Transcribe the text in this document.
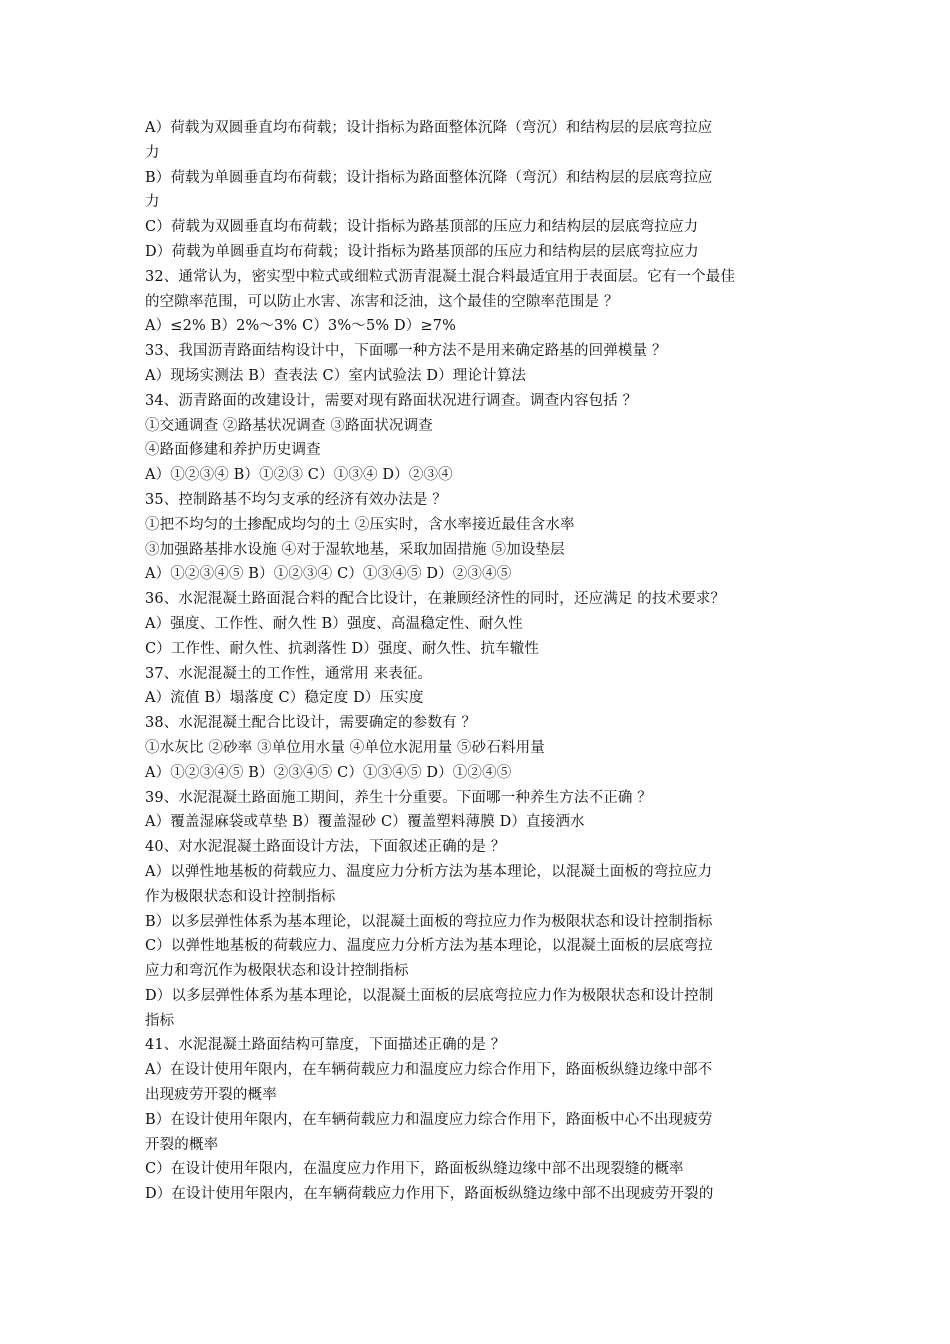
A）荷载为双圆垂直均布荷载；设计指标为路面整体沉降（弯沉）和结构层的层底弯拉应
力
B）荷载为单圆垂直均布荷载；设计指标为路面整体沉降（弯沉）和结构层的层底弯拉应
力
C）荷载为双圆垂直均布荷载；设计指标为路基顶部的压应力和结构层的层底弯拉应力
D）荷载为单圆垂直均布荷载；设计指标为路基顶部的压应力和结构层的层底弯拉应力
32、通常认为，密实型中粒式或细粒式沥青混凝土混合料最适宜用于表面层。它有一个最佳
的空隙率范围，可以防止水害、冻害和泛油，这个最佳的空隙率范围是 ？
A）≤2% B）2%～3% C）3%～5% D）≥7%
33、我国沥青路面结构设计中，下面哪一种方法不是用来确定路基的回弹模量 ？
A）现场实测法 B）查表法 C）室内试验法 D）理论计算法
34、沥青路面的改建设计，需要对现有路面状况进行调查。调查内容包括 ？
①交通调查 ②路基状况调查 ③路面状况调查
④路面修建和养护历史调查
A）①②③④ B）①②③ C）①③④ D）②③④
35、控制路基不均匀支承的经济有效办法是 ？
①把不均匀的土掺配成均匀的土 ②压实时，含水率接近最佳含水率
③加强路基排水设施 ④对于湿软地基，采取加固措施 ⑤加设垫层
A）①②③④⑤ B）①②③④ C）①③④⑤ D）②③④⑤
36、水泥混凝土路面混合料的配合比设计，在兼顾经济性的同时，还应满足 的技术要求？
A）强度、工作性、耐久性 B）强度、高温稳定性、耐久性
C）工作性、耐久性、抗剥落性 D）强度、耐久性、抗车辙性
37、水泥混凝土的工作性，通常用 来表征。
A）流值 B）塌落度 C）稳定度 D）压实度
38、水泥混凝土配合比设计，需要确定的参数有 ？
①水灰比 ②砂率 ③单位用水量 ④单位水泥用量 ⑤砂石料用量
A）①②③④⑤ B）②③④⑤ C）①③④⑤ D）①②④⑤
39、水泥混凝土路面施工期间，养生十分重要。下面哪一种养生方法不正确 ？
A）覆盖湿麻袋或草垫 B）覆盖湿砂 C）覆盖塑料薄膜 D）直接洒水
40、对水泥混凝土路面设计方法，下面叙述正确的是 ？
A）以弹性地基板的荷载应力、温度应力分析方法为基本理论，以混凝土面板的弯拉应力
作为极限状态和设计控制指标
B）以多层弹性体系为基本理论，以混凝土面板的弯拉应力作为极限状态和设计控制指标
C）以弹性地基板的荷载应力、温度应力分析方法为基本理论，以混凝土面板的层底弯拉
应力和弯沉作为极限状态和设计控制指标
D）以多层弹性体系为基本理论，以混凝土面板的层底弯拉应力作为极限状态和设计控制
指标
41、水泥混凝土路面结构可靠度，下面描述正确的是 ？
A）在设计使用年限内，在车辆荷载应力和温度应力综合作用下，路面板纵缝边缘中部不
出现疲劳开裂的概率
B）在设计使用年限内，在车辆荷载应力和温度应力综合作用下，路面板中心不出现疲劳
开裂的概率
C）在设计使用年限内，在温度应力作用下，路面板纵缝边缘中部不出现裂缝的概率
D）在设计使用年限内，在车辆荷载应力作用下，路面板纵缝边缘中部不出现疲劳开裂的
